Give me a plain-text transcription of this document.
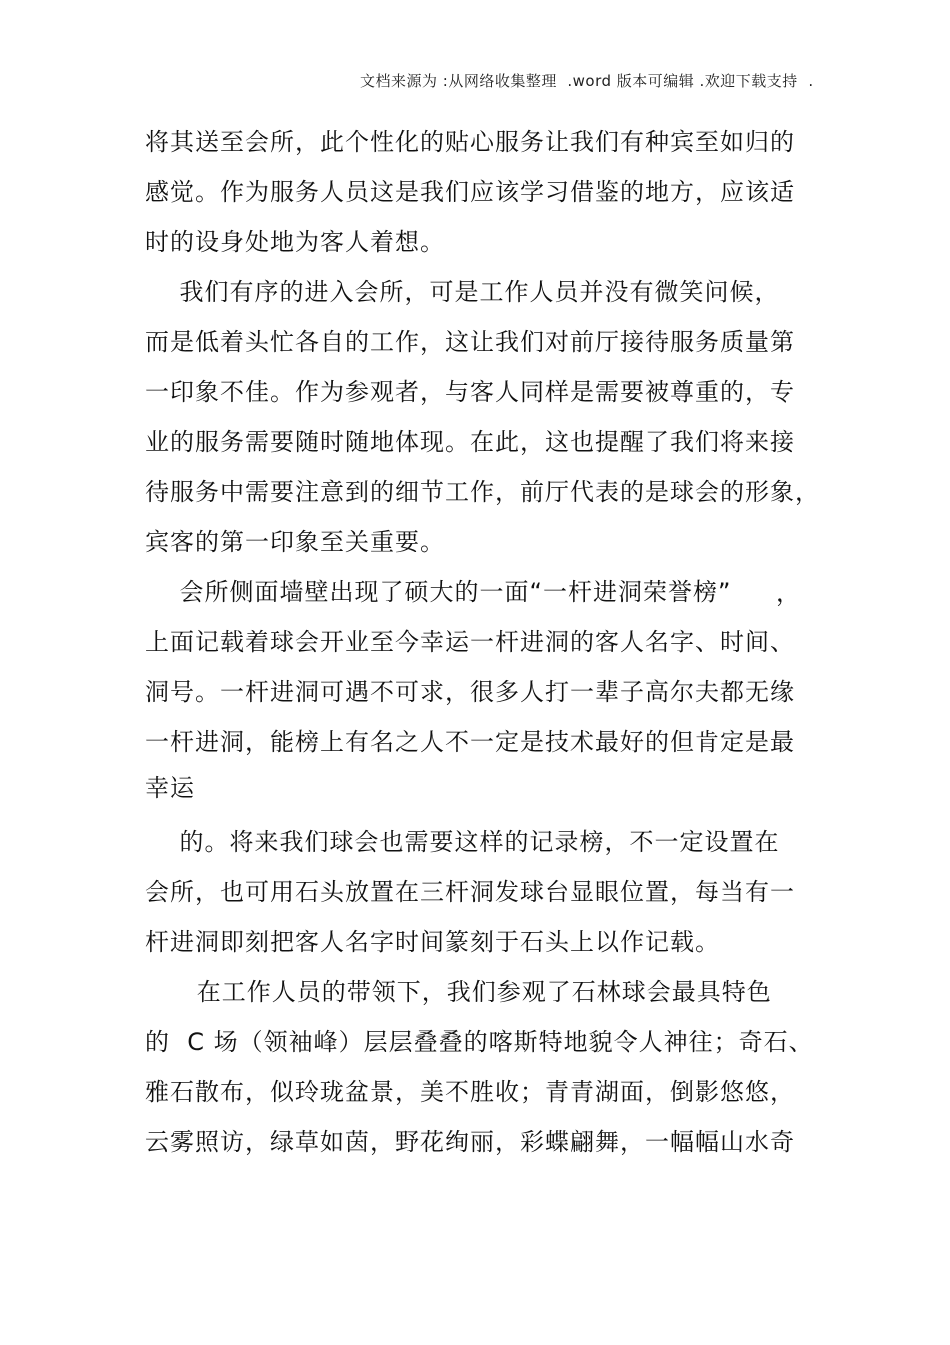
文档来源为 :从网络收集整理  .word 版本可编辑 .欢迎下载支持  .
将其送至会所，此个性化的贴心服务让我们有种宾至如归的
感觉。作为服务人员这是我们应该学习借鉴的地方，应该适
时的设身处地为客人着想。
我们有序的进入会所，可是工作人员并没有微笑问候，
而是低着头忙各自的工作，这让我们对前厅接待服务质量第
一印象不佳。作为参观者，与客人同样是需要被尊重的，专
业的服务需要随时随地体现。在此，这也提醒了我们将来接
待服务中需要注意到的细节工作，前厅代表的是球会的形象，
宾客的第一印象至关重要。
会所侧面墙壁出现了硕大的一面“一杆进洞荣誉榜” ，
上面记载着球会开业至今幸运一杆进洞的客人名字、时间、
洞号。一杆进洞可遇不可求，很多人打一辈子高尔夫都无缘
一杆进洞，能榜上有名之人不一定是技术最好的但肯定是最
幸运
的。将来我们球会也需要这样的记录榜，不一定设置在
会所，也可用石头放置在三杆洞发球台显眼位置，每当有一
杆进洞即刻把客人名字时间篆刻于石头上以作记载。
在工作人员的带领下，我们参观了石林球会最具特色
的  C 场（领袖峰）层层叠叠的喀斯特地貌令人神往；奇石、
雅石散布，似玲珑盆景，美不胜收；青青湖面，倒影悠悠，
云雾照访，绿草如茵，野花绚丽，彩蝶翩舞，一幅幅山水奇
